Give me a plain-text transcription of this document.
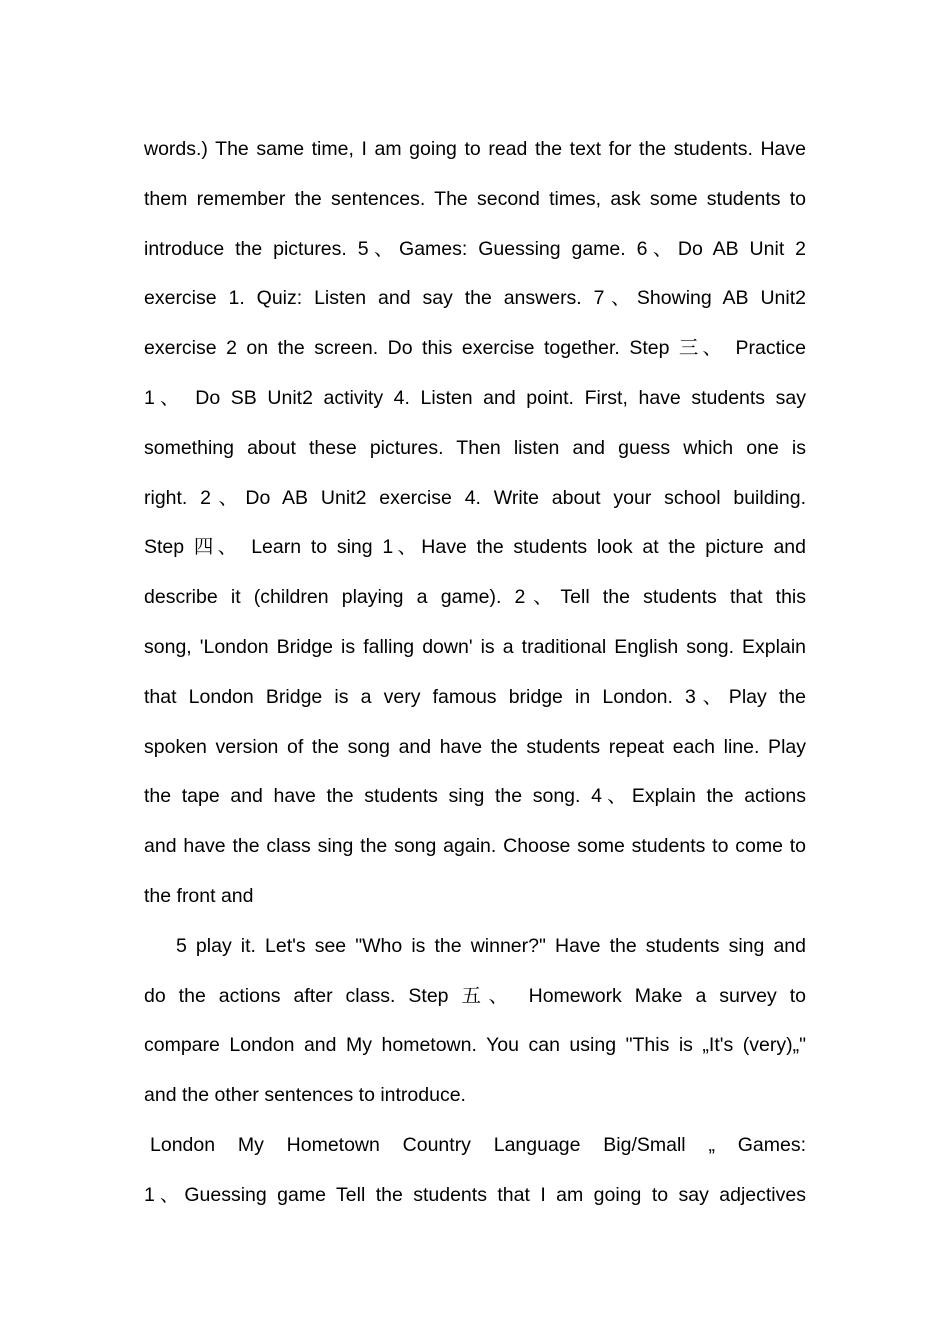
words.) The same time, I am going to read the text for the students. Have
them remember the sentences. The second times, ask some students to
introduce the pictures. 5、Games: Guessing game. 6、Do AB Unit 2
exercise 1. Quiz: Listen and say the answers. 7、Showing AB Unit2
exercise 2 on the screen. Do this exercise together. Step 三、 Practice
1、 Do SB Unit2 activity 4. Listen and point. First, have students say
something about these pictures. Then listen and guess which one is
right. 2、Do AB Unit2 exercise 4. Write about your school building.
Step 四、 Learn to sing 1、Have the students look at the picture and
describe it (children playing a game). 2、Tell the students that this
song, 'London Bridge is falling down' is a traditional English song. Explain
that London Bridge is a very famous bridge in London. 3、Play the
spoken version of the song and have the students repeat each line. Play
the tape and have the students sing the song. 4、Explain the actions
and have the class sing the song again. Choose some students to come to
the front and
5 play it. Let's see "Who is the winner?" Have the students sing and
do the actions after class. Step 五、 Homework Make a survey to
compare London and My hometown. You can using "This is „It's (very)„"
and the other sentences to introduce.
London My Hometown Country Language Big/Small „ Games:
1、Guessing game Tell the students that I am going to say adjectives
